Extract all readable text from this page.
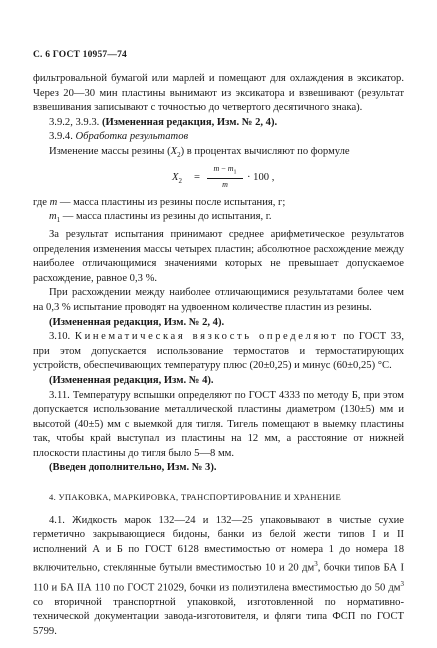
С. 6 ГОСТ 10957—74

фильтровальной бумагой или марлей и помещают для охлаждения в эксикатор. Через 20—30 мин пластины вынимают из эксикатора и взвешивают (результат взвешивания записывают с точностью до четвертого десятичного знака).

3.9.2, 3.9.3. (Измененная редакция, Изм. № 2, 4).

3.9.4. Обработка результатов

Изменение массы резины $(X_2)$ в процентах вычисляют по формуле

$X_2 = \frac{m - m_1}{m} \cdot 100$ ,

где m — масса пластины из резины после испытания, г;

$m_1$ — масса пластины из резины до испытания, г.

За результат испытания принимают среднее арифметическое результатов определения изменения массы четырех пластин; абсолютное расхождение между наиболее отличающимися значениями которых не превышает допускаемое расхождение, равное 0,3 %.

При расхождении между наиболее отличающимися результатами более чем на 0,3 % испытание проводят на удвоенном количестве пластин из резины.

(Измененная редакция, Изм. № 2, 4).

3.10. Кинематическая вязкость определяют по ГОСТ 33, при этом допускается использование термостатов и термостатирующих устройств, обеспечивающих температуру плюс (20±0,25) и минус (60±0,25) °С.

(Измененная редакция, Изм. № 4).

3.11. Температуру вспышки определяют по ГОСТ 4333 по методу Б, при этом допускается использование металлической пластины диаметром (130±5) мм и высотой (40±5) мм с выемкой для тигля. Тигель помещают в выемку пластины так, чтобы край выступал из пластины на 12 мм, а расстояние от нижней плоскости пластины до тигля было 5—8 мм.

(Введен дополнительно, Изм. № 3).

4. УПАКОВКА, МАРКИРОВКА, ТРАНСПОРТИРОВАНИЕ И ХРАНЕНИЕ

4.1. Жидкость марок 132—24 и 132—25 упаковывают в чистые сухие герметично закрывающиеся бидоны, банки из белой жести типов I и II исполнений А и Б по ГОСТ 6128 вместимостью от номера 1 до номера 18 включительно, стеклянные бутыли вместимостью 10 и 20 $дм^3$, бочки типов БА I 110 и БА IIА 110 по ГОСТ 21029, бочки из полиэтилена вместимостью до 50 $дм^3$ со вторичной транспортной упаковкой, изготовленной по нормативно-технической документации завода-изготовителя, и фляги типа ФСП по ГОСТ 5799.
